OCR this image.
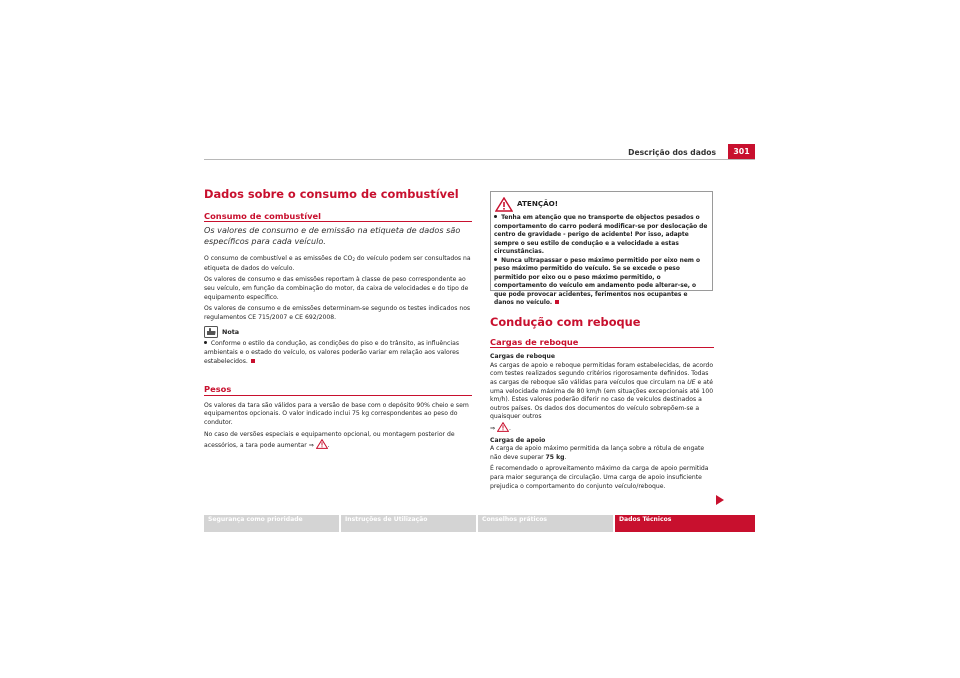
Descrição dos dados	301
Dados sobre o consumo de combustível
Consumo de combustível

Os valores de consumo e de emissão na etiqueta de dados são específicos para cada veículo.

O consumo de combustível e as emissões de $CO_2$ do veículo podem ser consultados na etiqueta de dados do veículo.

Os valores de consumo e das emissões reportam à classe de peso correspondente ao seu veículo, em função da combinação do motor, da caixa de velocidades e do tipo de equipamento específico.

Os valores de consumo e de emissões determinam-se segundo os testes indicados nos regulamentos CE 715/2007 e CE 692/2008.

Nota

Conforme o estilo da condução, as condições do piso e do trânsito, as influências ambientais e o estado do veículo, os valores poderão variar em relação aos valores estabelecidos.

Pesos

Os valores da tara são válidos para a versão de base com o depósito 90% cheio e sem equipamentos opcionais. O valor indicado inclui 75 kg correspondentes ao peso do condutor.

No caso de versões especiais e equipamento opcional, ou montagem posterior de acessórios, a tara pode aumentar ⇒ .

ATENÇÃO!

Tenha em atenção que no transporte de objectos pesados o comportamento do carro poderá modificar-se por deslocação de centro de gravidade - perigo de acidente! Por isso, adapte sempre o seu estilo de condução e a velocidade a estas circunstâncias.

Nunca ultrapassar o peso máximo permitido por eixo nem o peso máximo permitido do veículo. Se se excede o peso permitido por eixo ou o peso máximo permitido, o comportamento do veículo em andamento pode alterar-se, o que pode provocar acidentes, ferimentos nos ocupantes e danos no veículo.

Condução com reboque
Cargas de reboque

Cargas de reboque

As cargas de apoio e reboque permitidas foram estabelecidas, de acordo com testes realizados segundo critérios rigorosamente definidos. Todas as cargas de reboque são válidas para veículos que circulam na UE e até uma velocidade máxima de 80 km/h (em situações excepcionais até 100 km/h). Estes valores poderão diferir no caso de veículos destinados a outros países. Os dados dos documentos do veículo sobrepõem-se a quaisquer outros
⇒ .

Cargas de apoio

A carga de apoio máximo permitida da lança sobre a rótula de engate não deve superar 75 kg.

É recomendado o aproveitamento máximo da carga de apoio permitida para maior segurança de circulação. Uma carga de apoio insuficiente prejudica o comportamento do conjunto veículo/reboque.

Segurança como prioridade	Instruções de Utilização	Conselhos práticos	Dados Técnicos
